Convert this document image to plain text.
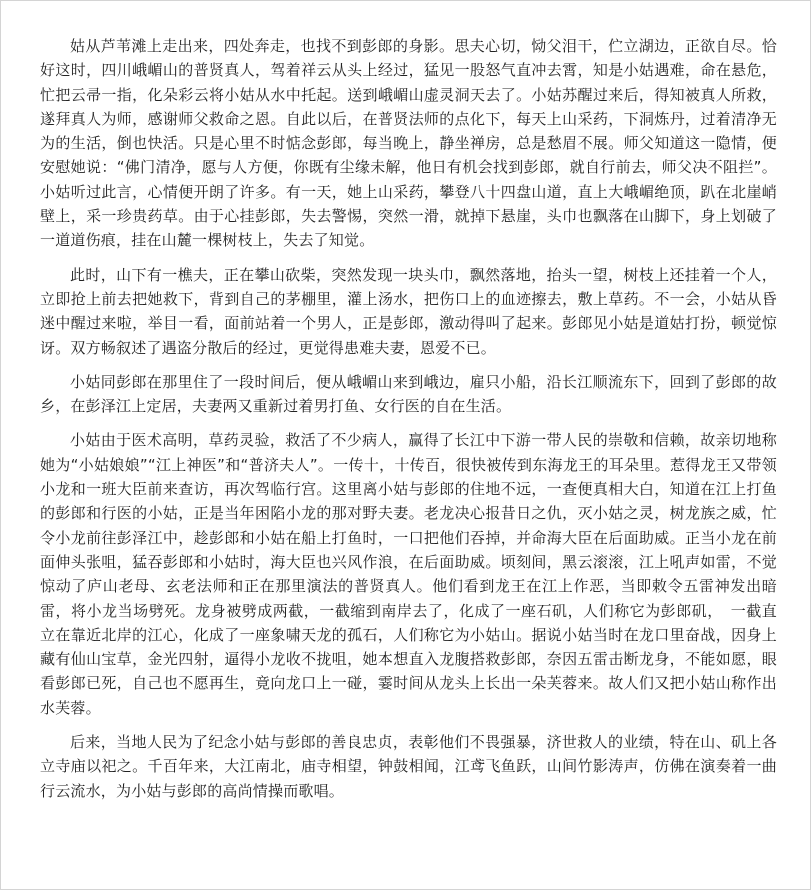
姑从芦苇滩上走出来，四处奔走，也找不到彭郎的身影。思夫心切，恸父泪干，伫立湖边，正欲自尽。恰好这时，四川峨嵋山的普贤真人，驾着祥云从头上经过，猛见一股怒气直冲去霄，知是小姑遇难，命在悬危，忙把云帚一指，化朵彩云将小姑从水中托起。送到峨嵋山虚灵洞天去了。小姑苏醒过来后，得知被真人所救，遂拜真人为师，感谢师父救命之恩。自此以后，在普贤法师的点化下，每天上山采药，下洞炼丹，过着清净无为的生活，倒也快活。只是心里不时惦念彭郎，每当晚上，静坐禅房，总是愁眉不展。师父知道这一隐情，便安慰她说：“佛门清净，愿与人方便，你既有尘缘未解，他日有机会找到彭郎，就自行前去，师父决不阻拦”。小姑听过此言，心情便开朗了许多。有一天，她上山采药，攀登八十四盘山道，直上大峨嵋绝顶，趴在北崖峭壁上，采一珍贵药草。由于心挂彭郎，失去警惕，突然一滑，就掉下悬崖，头巾也飘落在山脚下，身上划破了一道道伤痕，挂在山麓一棵树枝上，失去了知觉。

此时，山下有一樵夫，正在攀山砍柴，突然发现一块头巾，飘然落地，抬头一望，树枝上还挂着一个人，立即抢上前去把她救下，背到自己的茅棚里，灌上汤水，把伤口上的血迹擦去，敷上草药。不一会，小姑从昏迷中醒过来啦，举目一看，面前站着一个男人，正是彭郎，激动得叫了起来。彭郎见小姑是道姑打扮，顿觉惊讶。双方畅叙述了遇盗分散后的经过，更觉得患难夫妻，恩爱不已。

小姑同彭郎在那里住了一段时间后，便从峨嵋山来到峨边，雇只小船，沿长江顺流东下，回到了彭郎的故乡，在彭泽江上定居，夫妻两又重新过着男打鱼、女行医的自在生活。

小姑由于医术高明，草药灵验，救活了不少病人，赢得了长江中下游一带人民的崇敬和信赖，故亲切地称她为“小姑娘娘”“江上神医”和“普济夫人”。一传十，十传百，很快被传到东海龙王的耳朵里。惹得龙王又带领小龙和一班大臣前来查访，再次驾临行宫。这里离小姑与彭郎的住地不远，一查便真相大白，知道在江上打鱼的彭郎和行医的小姑，正是当年困陷小龙的那对野夫妻。老龙决心报昔日之仇，灭小姑之灵，树龙族之威，忙令小龙前往彭泽江中，趁彭郎和小姑在船上打鱼时，一口把他们吞掉，并命海大臣在后面助威。正当小龙在前面伸头张咀，猛吞彭郎和小姑时，海大臣也兴风作浪，在后面助威。顷刻间，黑云滚滚，江上吼声如雷，不觉惊动了庐山老母、玄老法师和正在那里演法的普贤真人。他们看到龙王在江上作恶，当即敕令五雷神发出暗雷，将小龙当场劈死。龙身被劈成两截，一截缩到南岸去了，化成了一座石矶，人们称它为彭郎矶，　一截直立在靠近北岸的江心，化成了一座象啸天龙的孤石，人们称它为小姑山。据说小姑当时在龙口里奋战，因身上藏有仙山宝草，金光四射，逼得小龙收不拢咀，她本想直入龙腹搭救彭郎，奈因五雷击断龙身，不能如愿，眼看彭郎已死，自己也不愿再生，竟向龙口上一碰，霎时间从龙头上长出一朵芙蓉来。故人们又把小姑山称作出水芙蓉。

后来，当地人民为了纪念小姑与彭郎的善良忠贞，表彰他们不畏强暴，济世救人的业绩，特在山、矶上各立寺庙以祀之。千百年来，大江南北，庙寺相望，钟鼓相闻，江鸢飞鱼跃，山间竹影涛声，仿佛在演奏着一曲行云流水，为小姑与彭郎的高尚情操而歌唱。
